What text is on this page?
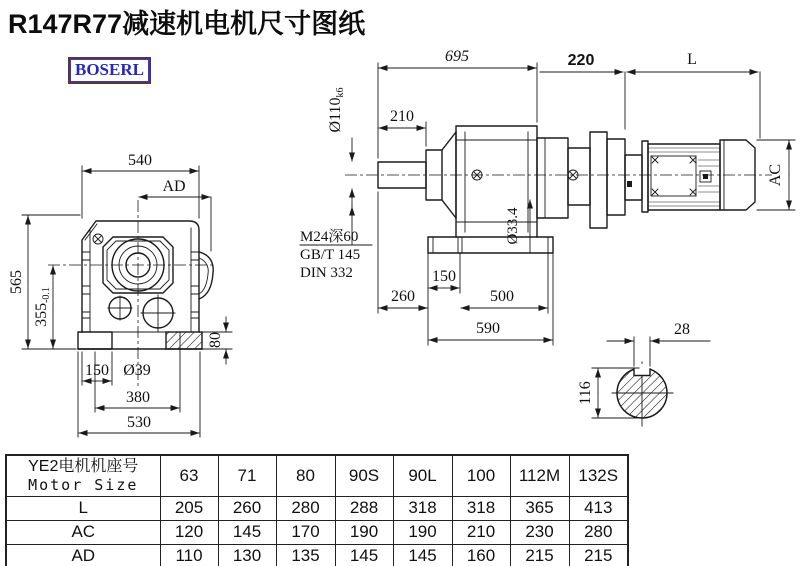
540
AD
565
355-0.1
150 Ø39
380
530
80
695	220	L
210
Ø110k6
M24深60
GB/T 145
DIN 332
Ø33.4
150
260	500
590
AC
28
116
R147R77减速机电机尺寸图纸
BOSERL
YE2电机机座号
Motor Size	63	71	80	90S	90L	100	112M	132S
L	205	260	280	288	318	318	365	413
AC	120	145	170	190	190	210	230	280
AD	110	130	135	145	145	160	215	215
